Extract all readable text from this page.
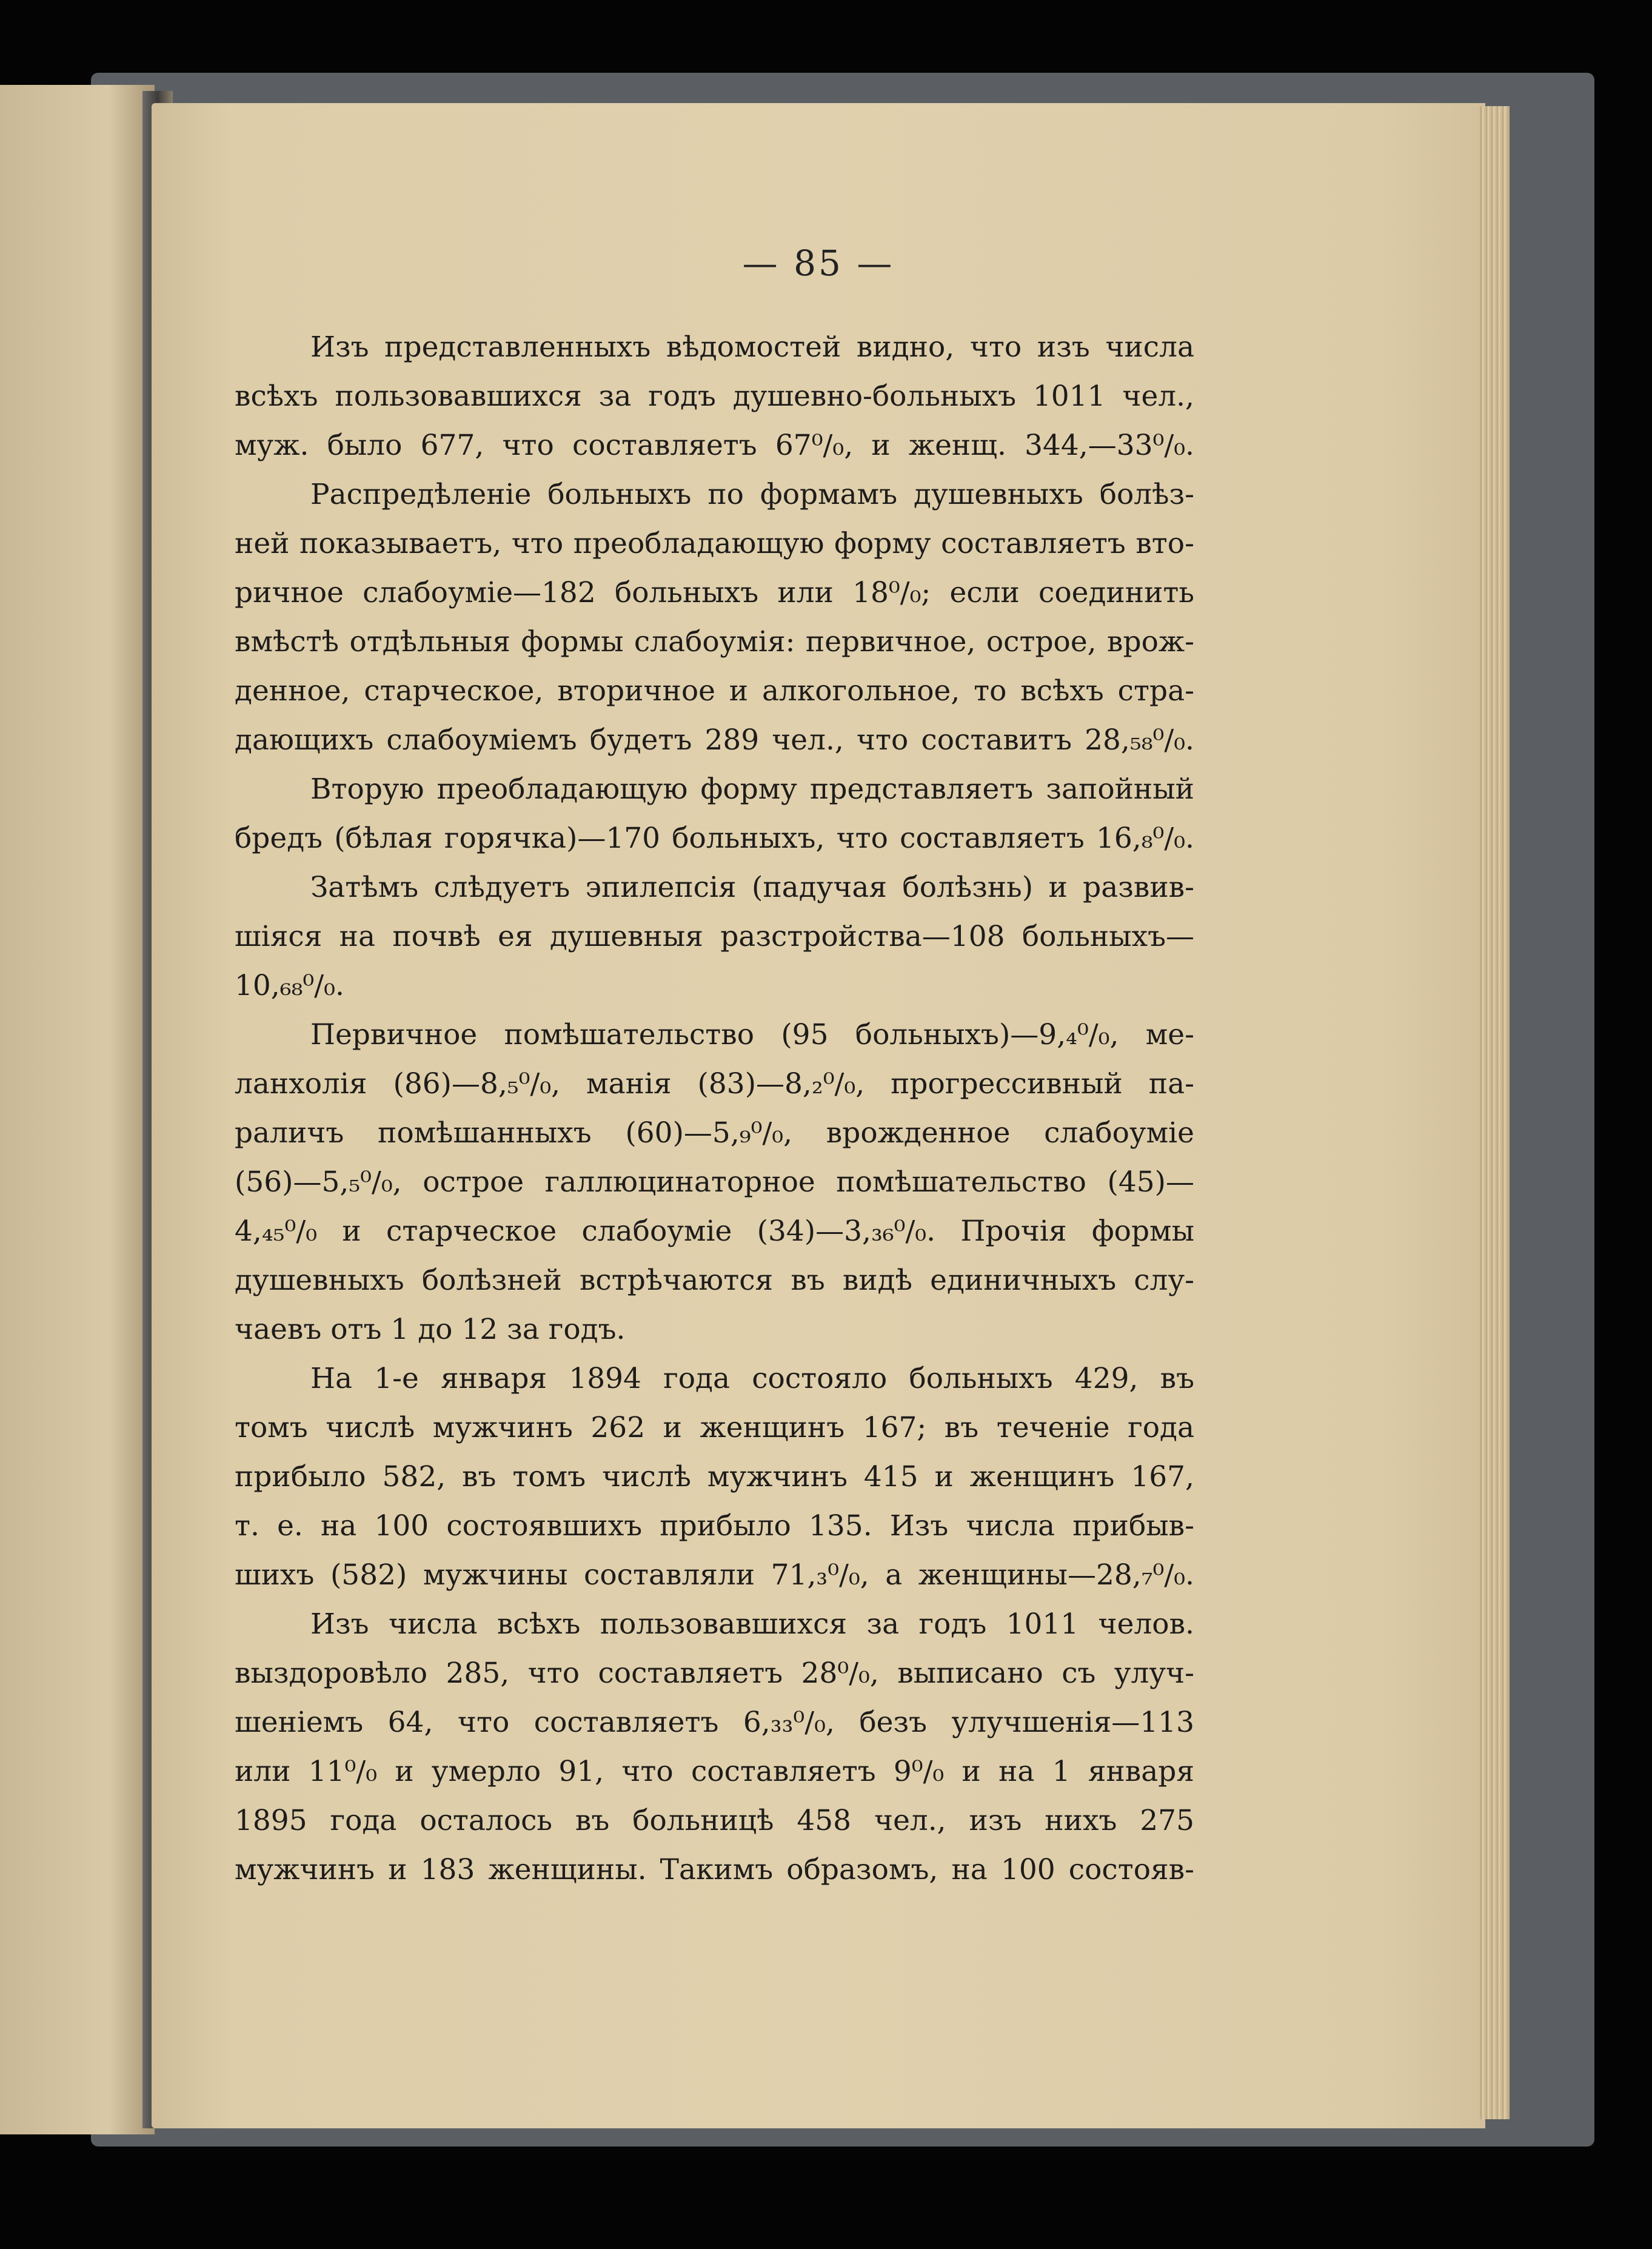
— 85 —
Изъ представленныхъ вѣдомостей видно, что изъ числа
всѣхъ пользовавшихся за годъ душевно-больныхъ 1011 чел.,
муж. было 677, что составляетъ 67⁰/₀, и женщ. 344,—33⁰/₀.
Распредѣленіе больныхъ по формамъ душевныхъ болѣз-
ней показываетъ, что преобладающую форму составляетъ вто-
ричное слабоуміе—182 больныхъ или 18⁰/₀; если соединить
вмѣстѣ отдѣльныя формы слабоумія: первичное, острое, врож-
денное, старческое, вторичное и алкогольное, то всѣхъ стра-
дающихъ слабоуміемъ будетъ 289 чел., что составитъ 28,₅₈⁰/₀.
Вторую преобладающую форму представляетъ запойный
бредъ (бѣлая горячка)—170 больныхъ, что составляетъ 16,₈⁰/₀.
Затѣмъ слѣдуетъ эпилепсія (падучая болѣзнь) и развив-
шіяся на почвѣ ея душевныя разстройства—108 больныхъ—
10,₆₈⁰/₀.
Первичное помѣшательство (95 больныхъ)—9,₄⁰/₀, ме-
ланхолія (86)—8,₅⁰/₀, манія (83)—8,₂⁰/₀, прогрессивный па-
раличъ помѣшанныхъ (60)—5,₉⁰/₀, врожденное слабоуміе
(56)—5,₅⁰/₀, острое галлюцинаторное помѣшательство (45)—
4,₄₅⁰/₀ и старческое слабоуміе (34)—3,₃₆⁰/₀. Прочія формы
душевныхъ болѣзней встрѣчаются въ видѣ единичныхъ слу-
чаевъ отъ 1 до 12 за годъ.
На 1-е января 1894 года состояло больныхъ 429, въ
томъ числѣ мужчинъ 262 и женщинъ 167; въ теченіе года
прибыло 582, въ томъ числѣ мужчинъ 415 и женщинъ 167,
т. е. на 100 состоявшихъ прибыло 135. Изъ числа прибыв-
шихъ (582) мужчины составляли 71,₃⁰/₀, а женщины—28,₇⁰/₀.
Изъ числа всѣхъ пользовавшихся за годъ 1011 челов.
выздоровѣло 285, что составляетъ 28⁰/₀, выписано съ улуч-
шеніемъ 64, что составляетъ 6,₃₃⁰/₀, безъ улучшенія—113
или 11⁰/₀ и умерло 91, что составляетъ 9⁰/₀ и на 1 января
1895 года осталось въ больницѣ 458 чел., изъ нихъ 275
мужчинъ и 183 женщины. Такимъ образомъ, на 100 состояв-
